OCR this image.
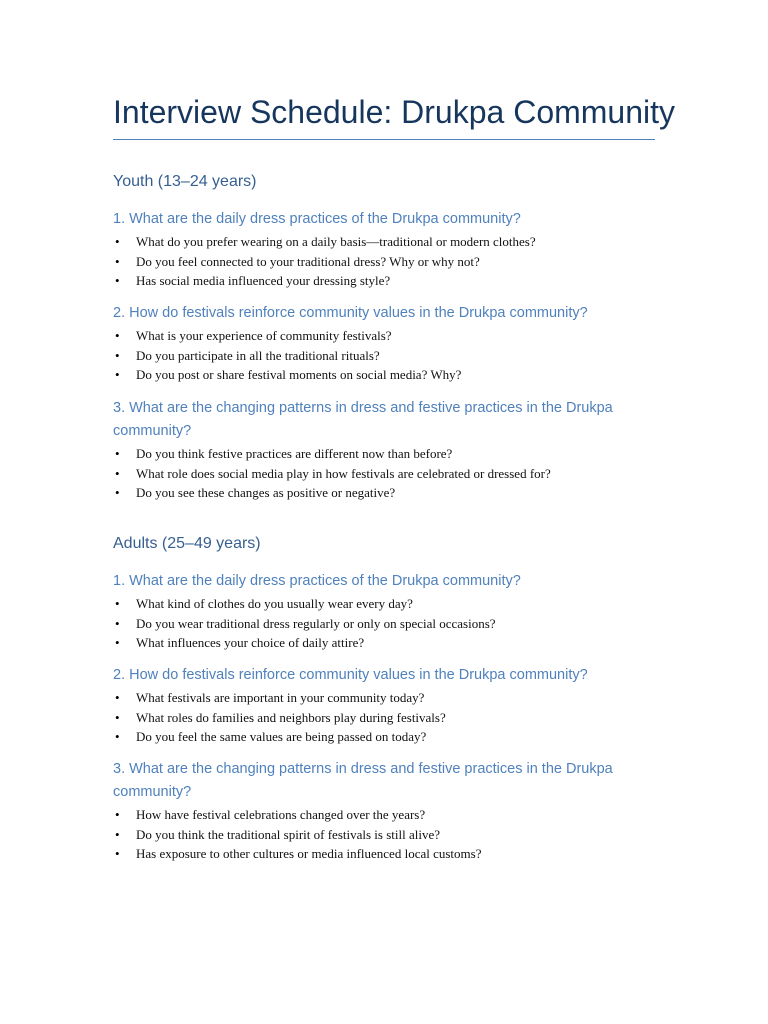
Interview Schedule: Drukpa Community
Youth (13–24 years)
1. What are the daily dress practices of the Drukpa community?
• What do you prefer wearing on a daily basis—traditional or modern clothes?
• Do you feel connected to your traditional dress? Why or why not?
• Has social media influenced your dressing style?
2. How do festivals reinforce community values in the Drukpa community?
• What is your experience of community festivals?
• Do you participate in all the traditional rituals?
• Do you post or share festival moments on social media? Why?
3. What are the changing patterns in dress and festive practices in the Drukpa community?
• Do you think festive practices are different now than before?
• What role does social media play in how festivals are celebrated or dressed for?
• Do you see these changes as positive or negative?
Adults (25–49 years)
1. What are the daily dress practices of the Drukpa community?
• What kind of clothes do you usually wear every day?
• Do you wear traditional dress regularly or only on special occasions?
• What influences your choice of daily attire?
2. How do festivals reinforce community values in the Drukpa community?
• What festivals are important in your community today?
• What roles do families and neighbors play during festivals?
• Do you feel the same values are being passed on today?
3. What are the changing patterns in dress and festive practices in the Drukpa community?
• How have festival celebrations changed over the years?
• Do you think the traditional spirit of festivals is still alive?
• Has exposure to other cultures or media influenced local customs?
